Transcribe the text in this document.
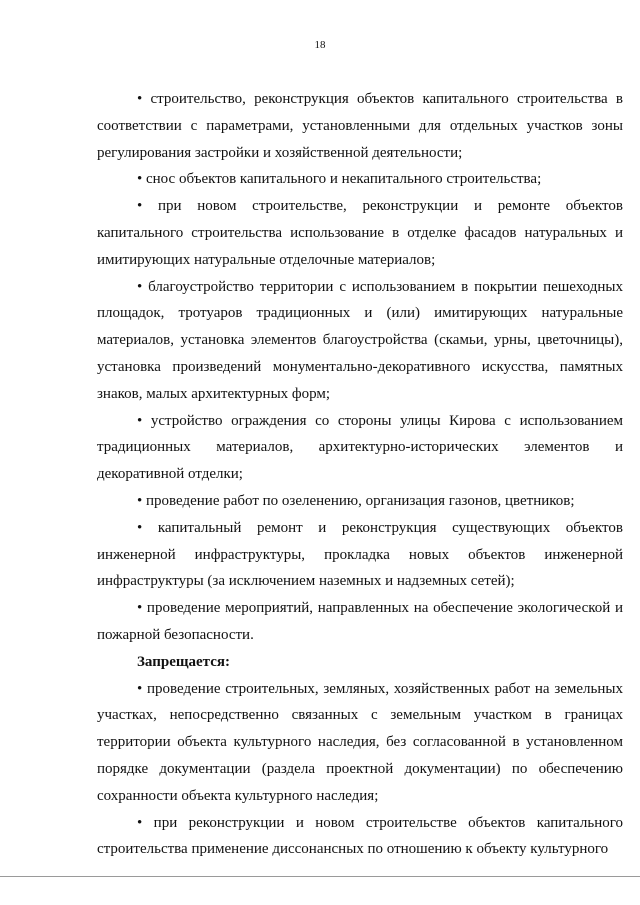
18

• строительство, реконструкция объектов капитального строительства в соответствии с параметрами, установленными для отдельных участков зоны регулирования застройки и хозяйственной деятельности;

• снос объектов капитального и некапитального строительства;

• при новом строительстве, реконструкции и ремонте объектов капитального строительства использование в отделке фасадов натуральных и имитирующих натуральные отделочные материалов;

• благоустройство территории с использованием в покрытии пешеходных площадок, тротуаров традиционных и (или) имитирующих натуральные материалов, установка элементов благоустройства (скамьи, урны, цветочницы), установка произведений монументально-декоративного искусства, памятных знаков, малых архитектурных форм;

• устройство ограждения со стороны улицы Кирова с использованием традиционных материалов, архитектурно-исторических элементов и декоративной отделки;

• проведение работ по озеленению, организация газонов, цветников;

• капитальный ремонт и реконструкция существующих объектов инженерной инфраструктуры, прокладка новых объектов инженерной инфраструктуры (за исключением наземных и надземных сетей);

• проведение мероприятий, направленных на обеспечение экологической и пожарной безопасности.

Запрещается:

• проведение строительных, земляных, хозяйственных работ на земельных участках, непосредственно связанных с земельным участком в границах территории объекта культурного наследия, без согласованной в установленном порядке документации (раздела проектной документации) по обеспечению сохранности объекта культурного наследия;

• при реконструкции и новом строительстве объектов капитального строительства применение диссонансных по отношению к объекту культурного
